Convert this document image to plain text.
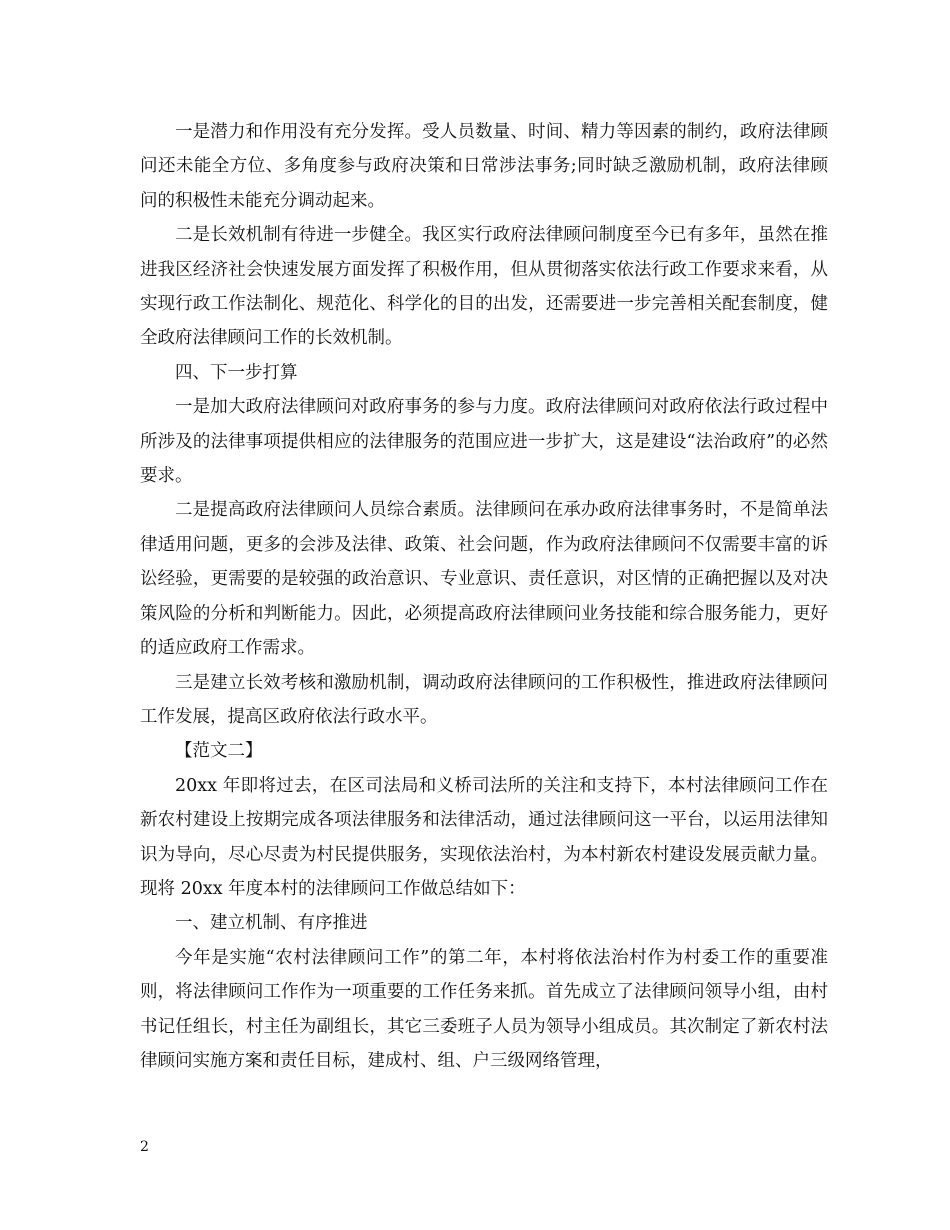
一是潜力和作用没有充分发挥。受人员数量、时间、精力等因素的制约，政府法律顾问还未能全方位、多角度参与政府决策和日常涉法事务;同时缺乏激励机制，政府法律顾问的积极性未能充分调动起来。

二是长效机制有待进一步健全。我区实行政府法律顾问制度至今已有多年，虽然在推进我区经济社会快速发展方面发挥了积极作用，但从贯彻落实依法行政工作要求来看，从实现行政工作法制化、规范化、科学化的目的出发，还需要进一步完善相关配套制度，健全政府法律顾问工作的长效机制。

四、下一步打算

一是加大政府法律顾问对政府事务的参与力度。政府法律顾问对政府依法行政过程中所涉及的法律事项提供相应的法律服务的范围应进一步扩大，这是建设“法治政府”的必然要求。

二是提高政府法律顾问人员综合素质。法律顾问在承办政府法律事务时，不是简单法律适用问题，更多的会涉及法律、政策、社会问题，作为政府法律顾问不仅需要丰富的诉讼经验，更需要的是较强的政治意识、专业意识、责任意识，对区情的正确把握以及对决策风险的分析和判断能力。因此，必须提高政府法律顾问业务技能和综合服务能力，更好的适应政府工作需求。

三是建立长效考核和激励机制，调动政府法律顾问的工作积极性，推进政府法律顾问工作发展，提高区政府依法行政水平。

【范文二】

20xx 年即将过去，在区司法局和义桥司法所的关注和支持下，本村法律顾问工作在新农村建设上按期完成各项法律服务和法律活动，通过法律顾问这一平台，以运用法律知识为导向，尽心尽责为村民提供服务，实现依法治村，为本村新农村建设发展贡献力量。现将 20xx 年度本村的法律顾问工作做总结如下：

一、建立机制、有序推进

今年是实施“农村法律顾问工作”的第二年，本村将依法治村作为村委工作的重要准则，将法律顾问工作作为一项重要的工作任务来抓。首先成立了法律顾问领导小组，由村书记任组长，村主任为副组长，其它三委班子人员为领导小组成员。其次制定了新农村法律顾问实施方案和责任目标，建成村、组、户三级网络管理，

2
